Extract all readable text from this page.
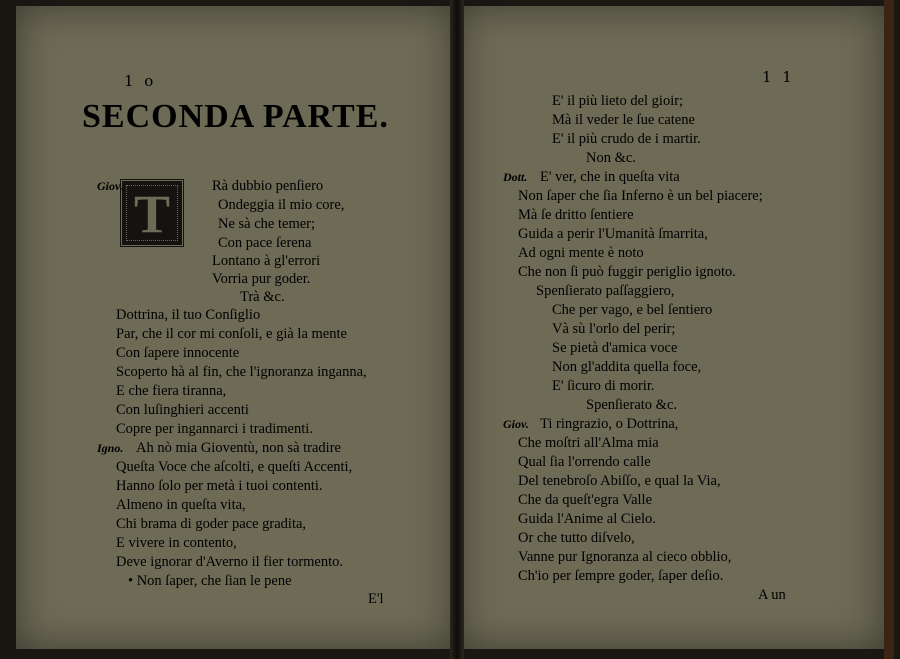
1 o
SECONDA PARTE.
T
Giov.	Rà dubbio penſiero
Ondeggia il mio core,
Ne sà che temer;
Con pace ſerena
Lontano à gl'errori
Vorria pur goder.
Trà &c.
Dottrina, il tuo Conſiglio
Par, che il cor mi conſoli, e già la mente
Con ſapere innocente
Scoperto hà al fin, che l'ignoranza inganna,
E che fiera tiranna,
Con luſinghieri accenti
Copre per ingannarci i tradimenti.
Igno. Ah nò mia Gioventù, non sà tradire
Queſta Voce che aſcolti, e queſti Accenti,
Hanno ſolo per metà i tuoi contenti.
Almeno in queſta vita,
Chi brama di goder pace gradita,
E vivere in contento,
Deve ignorar d'Averno il fier tormento.
• Non ſaper, che ſian le pene
E'l
1 1
E' il più lieto del gioir;
Mà il veder le ſue catene
E' il più crudo de i martir.
Non &c.
Dott. E' ver, che in queſta vita
Non ſaper che ſia Inferno è un bel piacere;
Mà ſe dritto ſentiere
Guida a perir l'Umanità ſmarrita,
Ad ogni mente è noto
Che non ſi può fuggir periglio ignoto.
Spenſierato paſſaggiero,
Che per vago, e bel ſentiero
Và sù l'orlo del perir;
Se pietà d'amica voce
Non gl'addita quella foce,
E' ſicuro di morir.
Spenſierato &c.
Giov. Ti ringrazio, o Dottrina,
Che moſtri all'Alma mia
Qual ſia l'orrendo calle
Del tenebroſo Abiſſo, e qual la Via,
Che da queſt'egra Valle
Guida l'Anime al Cielo.
Or che tutto diſvelo,
Vanne pur Ignoranza al cieco obblio,
Ch'io per ſempre goder, ſaper deſio.
A un
